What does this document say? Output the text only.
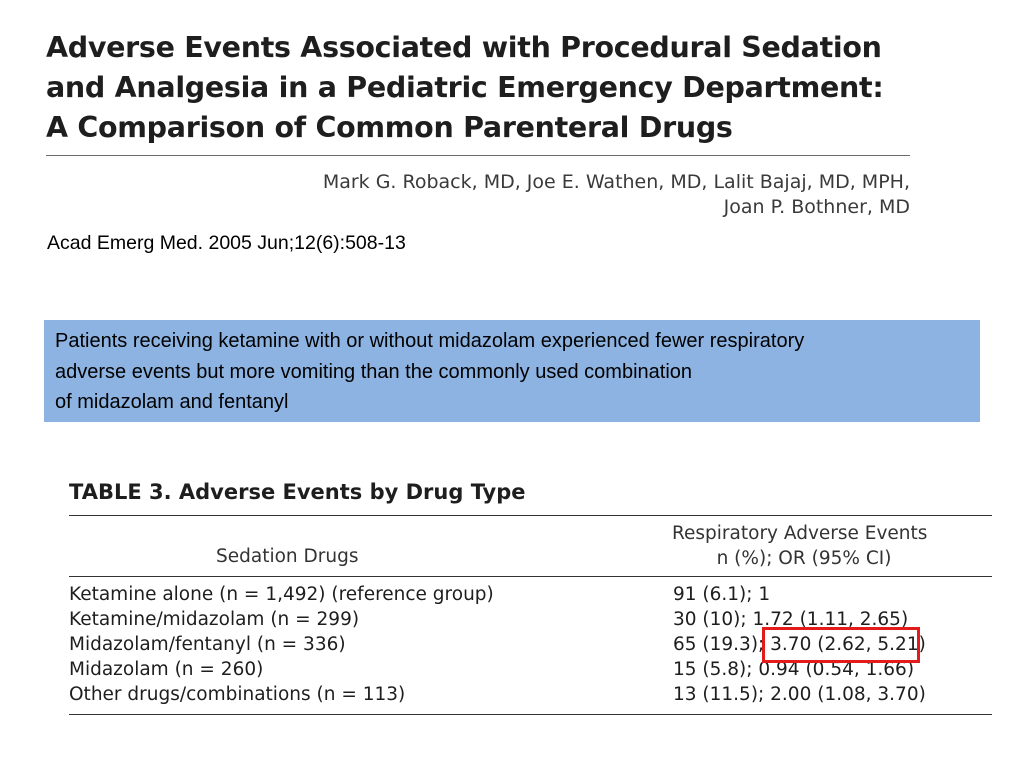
Adverse Events Associated with Procedural Sedation
and Analgesia in a Pediatric Emergency Department:
A Comparison of Common Parenteral Drugs
Mark G. Roback, MD, Joe E. Wathen, MD, Lalit Bajaj, MD, MPH,
Joan P. Bothner, MD
Acad Emerg Med. 2005 Jun;12(6):508-13
Patients receiving ketamine with or without midazolam experienced fewer respiratory
adverse events but more vomiting than the commonly used combination
of midazolam and fentanyl
TABLE 3. Adverse Events by Drug Type
Sedation Drugs
Respiratory Adverse Events
n (%); OR (95% CI)
Ketamine alone (n = 1,492) (reference group)	91 (6.1); 1
Ketamine/midazolam (n = 299)	30 (10); 1.72 (1.11, 2.65)
Midazolam/fentanyl (n = 336)	65 (19.3); 3.70 (2.62, 5.21)
Midazolam (n = 260)	15 (5.8); 0.94 (0.54, 1.66)
Other drugs/combinations (n = 113)	13 (11.5); 2.00 (1.08, 3.70)
